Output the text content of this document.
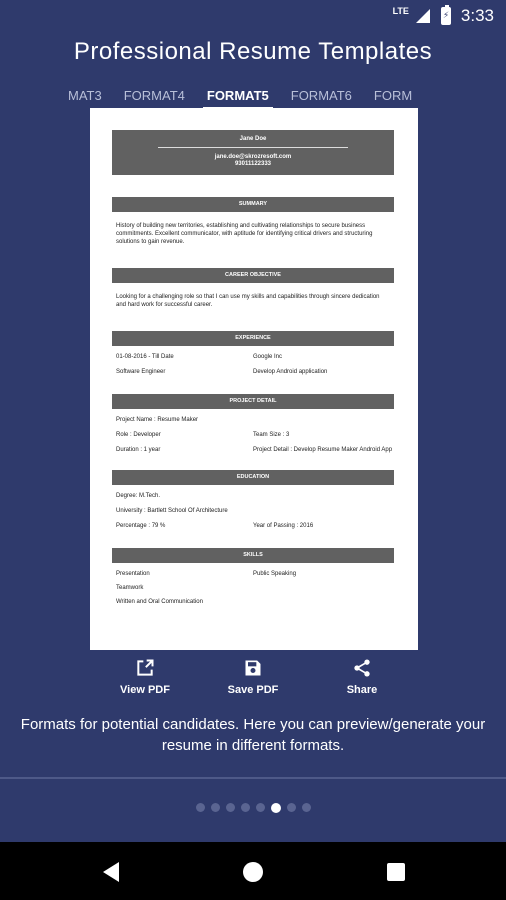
LTE	⚡ 3:33
Professional Resume Templates
MAT3 FORMAT4 FORMAT5 FORMAT6 FORM
Jane Doe
jane.doe@skrozresoft.com
93011122333
SUMMARY
History of building new territories, establishing and cultivating relationships to secure business commitments. Excellent communicator, with aptitude for identifying critical drivers and structuring solutions to gain revenue.
CAREER OBJECTIVE
Looking for a challenging role so that I can use my skills and capabilities through sincere dedication and hard work for successful career.
EXPERIENCE
01-08-2016 - Till Date	Google Inc
Software Engineer	Develop Android application
PROJECT DETAIL
Project Name : Resume Maker
Role : Developer	Team Size : 3
Duration : 1 year	Project Detail : Develop Resume Maker Android App
EDUCATION
Degree: M.Tech.
University : Bartlett School Of Architecture
Percentage : 79 %	Year of Passing : 2016
SKILLS
Presentation	Public Speaking
Teamwork
Written and Oral Communication
View PDF	Save PDF	Share
Formats for potential candidates. Here you can preview/generate your resume in different formats.
